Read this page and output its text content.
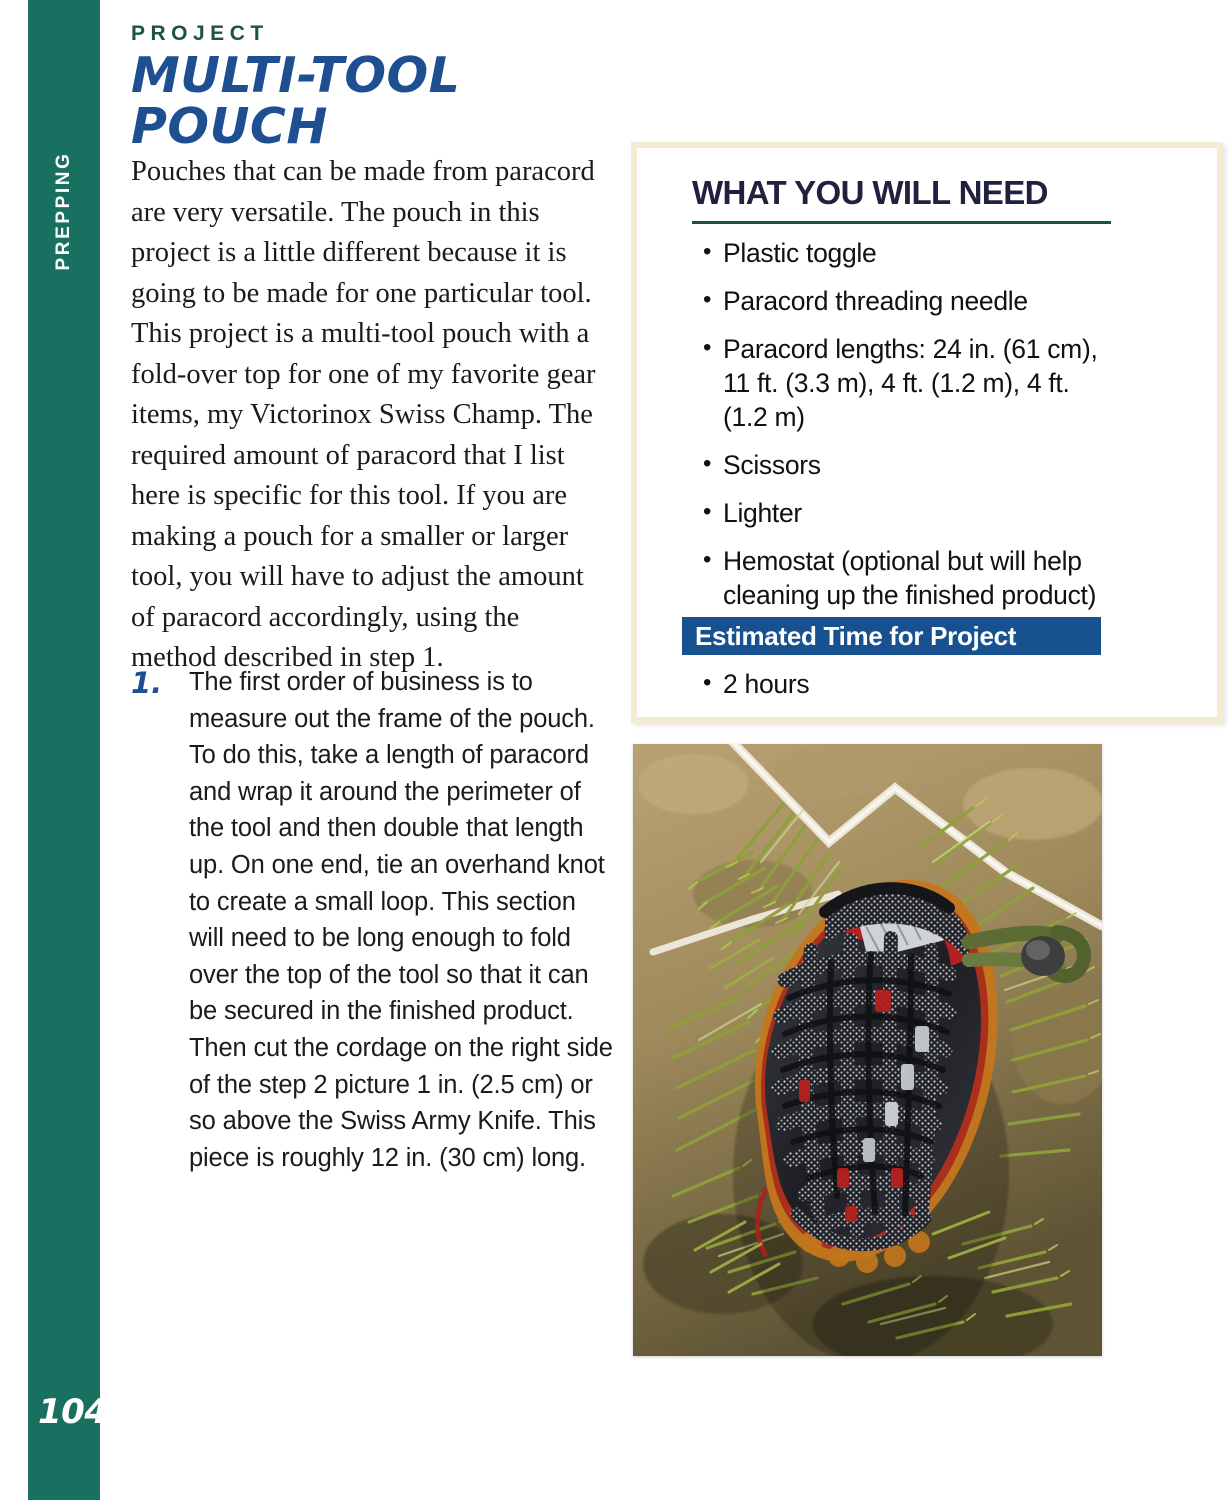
PREPPING
104
PROJECT
MULTI-TOOL POUCH

Pouches that can be made from paracord are very versatile. The pouch in this project is a little different because it is going to be made for one particular tool. This project is a multi-tool pouch with a fold-over top for one of my favorite gear items, my Victorinox Swiss Champ. The required amount of paracord that I list here is specific for this tool. If you are making a pouch for a smaller or larger tool, you will have to adjust the amount of paracord accordingly, using the method described in step 1.

1.	The first order of business is to measure out the frame of the pouch. To do this, take a length of paracord and wrap it around the perimeter of the tool and then double that length up. On one end, tie an overhand knot to create a small loop. This section will need to be long enough to fold over the top of the tool so that it can be secured in the finished product. Then cut the cordage on the right side of the step 2 picture 1 in. (2.5 cm) or so above the Swiss Army Knife. This piece is roughly 12 in. (30 cm) long.
WHAT YOU WILL NEED
• Plastic toggle
• Paracord threading needle
• Paracord lengths: 24 in. (61 cm), 11 ft. (3.3 m), 4 ft. (1.2 m), 4 ft. (1.2 m)
• Scissors
• Lighter
• Hemostat (optional but will help cleaning up the finished product)
Estimated Time for Project
• 2 hours
